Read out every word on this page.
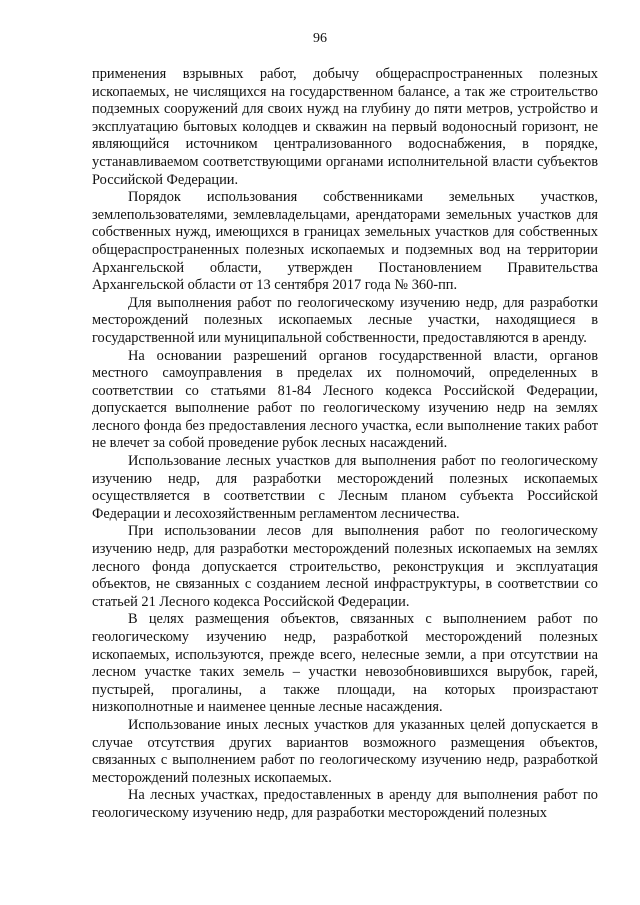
96

применения взрывных работ, добычу общераспространенных полезных ископаемых, не числящихся на государственном балансе, а так же строительство подземных сооружений для своих нужд на глубину до пяти метров, устройство и эксплуатацию бытовых колодцев и скважин на первый водоносный горизонт, не являющийся источником централизованного водоснабжения, в порядке, устанавливаемом соответствующими органами исполнительной власти субъектов Российской Федерации.

Порядок использования собственниками земельных участков, землепользователями, землевладельцами, арендаторами земельных участков для собственных нужд, имеющихся в границах земельных участков для собственных общераспространенных полезных ископаемых и подземных вод на территории Архангельской области, утвержден Постановлением Правительства Архангельской области от 13 сентября 2017 года № 360-пп.

Для выполнения работ по геологическому изучению недр, для разработки месторождений полезных ископаемых лесные участки, находящиеся в государственной или муниципальной собственности, предоставляются в аренду.

На основании разрешений органов государственной власти, органов местного самоуправления в пределах их полномочий, определенных в соответствии со статьями 81-84 Лесного кодекса Российской Федерации, допускается выполнение работ по геологическому изучению недр на землях лесного фонда без предоставления лесного участка, если выполнение таких работ не влечет за собой проведение рубок лесных насаждений.

Использование лесных участков для выполнения работ по геологическому изучению недр, для разработки месторождений полезных ископаемых осуществляется в соответствии с Лесным планом субъекта Российской Федерации и лесохозяйственным регламентом лесничества.

При использовании лесов для выполнения работ по геологическому изучению недр, для разработки месторождений полезных ископаемых на землях лесного фонда допускается строительство, реконструкция и эксплуатация объектов, не связанных с созданием лесной инфраструктуры, в соответствии со статьей 21 Лесного кодекса Российской Федерации.

В целях размещения объектов, связанных с выполнением работ по геологическому изучению недр, разработкой месторождений полезных ископаемых, используются, прежде всего, нелесные земли, а при отсутствии на лесном участке таких земель – участки невозобновившихся вырубок, гарей, пустырей, прогалины, а также площади, на которых произрастают низкополнотные и наименее ценные лесные насаждения.

Использование иных лесных участков для указанных целей допускается в случае отсутствия других вариантов возможного размещения объектов, связанных с выполнением работ по геологическому изучению недр, разработкой месторождений полезных ископаемых.

На лесных участках, предоставленных в аренду для выполнения работ по геологическому изучению недр, для разработки месторождений полезных
